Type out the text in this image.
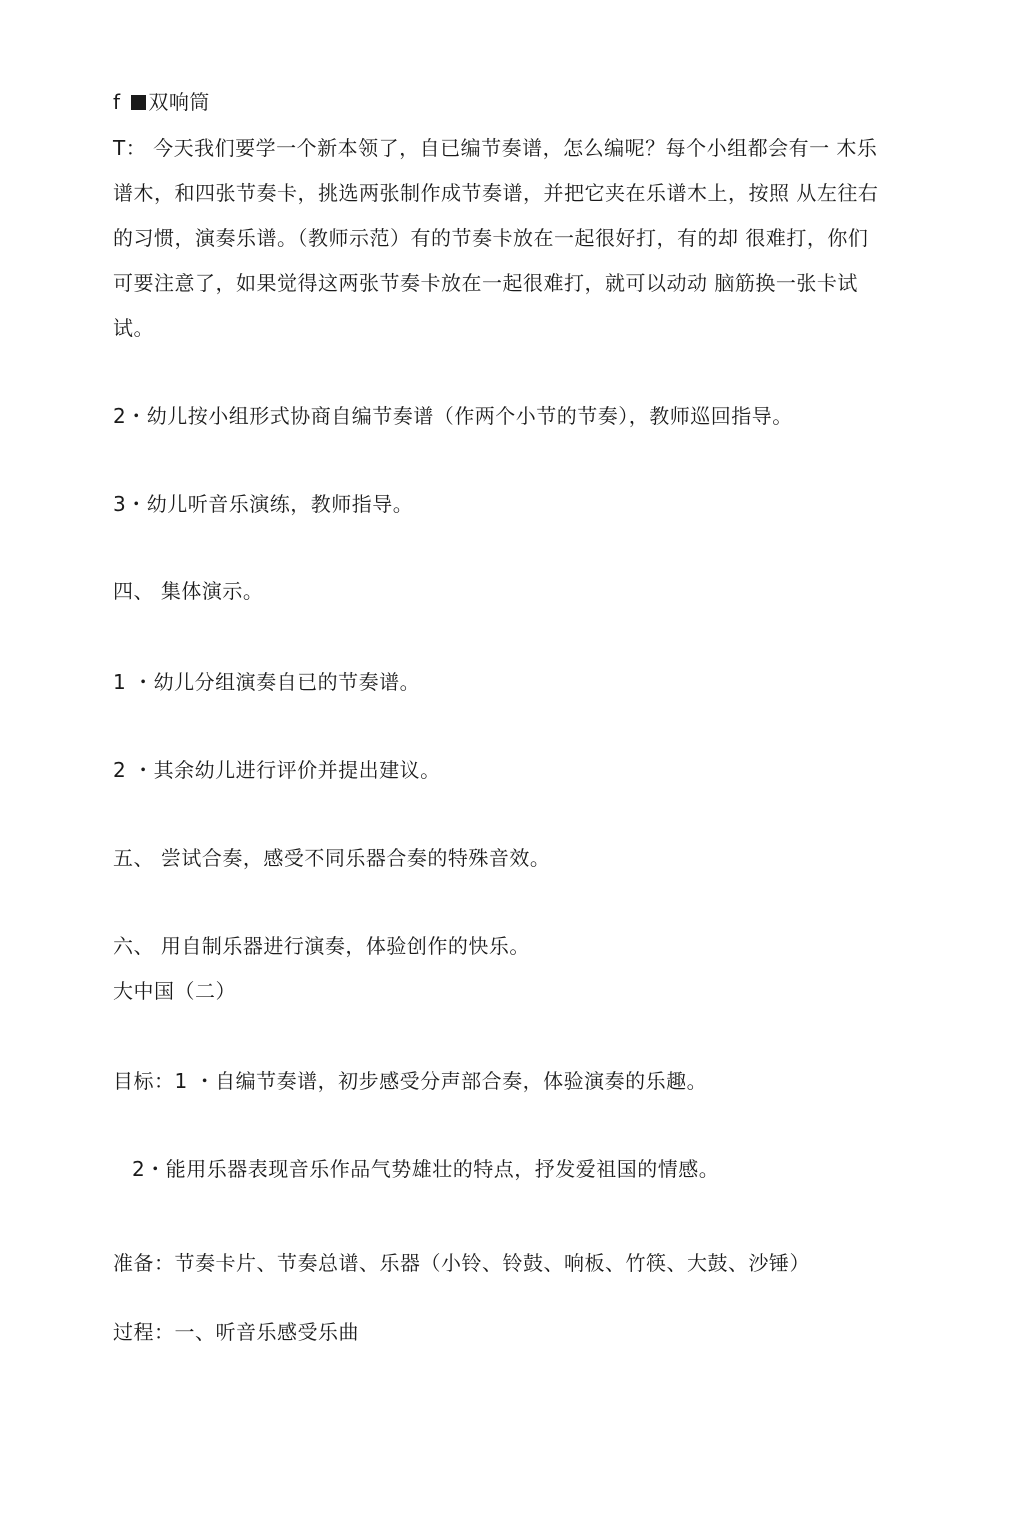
f 双响筒
T： 今天我们要学一个新本领了，自已编节奏谱，怎么编呢？每个小组都会有一 木乐
谱木，和四张节奏卡，挑选两张制作成节奏谱，并把它夹在乐谱木上，按照 从左往右
的习惯，演奏乐谱。（教师示范）有的节奏卡放在一起很好打，有的却 很难打，你们
可要注意了，如果觉得这两张节奏卡放在一起很难打，就可以动动 脑筋换一张卡试
试。
2・幼儿按小组形式协商自编节奏谱（作两个小节的节奏），教师巡回指导。
3・幼儿听音乐演练，教师指导。
四、 集体演示。
1 ・幼儿分组演奏自已的节奏谱。
2 ・其余幼儿进行评价并提出建议。
五、 尝试合奏，感受不同乐器合奏的特殊音效。
六、 用自制乐器进行演奏，体验创作的快乐。
大中国（二）
目标：1 ・自编节奏谱，初步感受分声部合奏，体验演奏的乐趣。
2・能用乐器表现音乐作品气势雄壮的特点，抒发爱祖国的情感。
准备：节奏卡片、节奏总谱、乐器（小铃、铃鼓、响板、竹筷、大鼓、沙锤）
过程：一、听音乐感受乐曲
